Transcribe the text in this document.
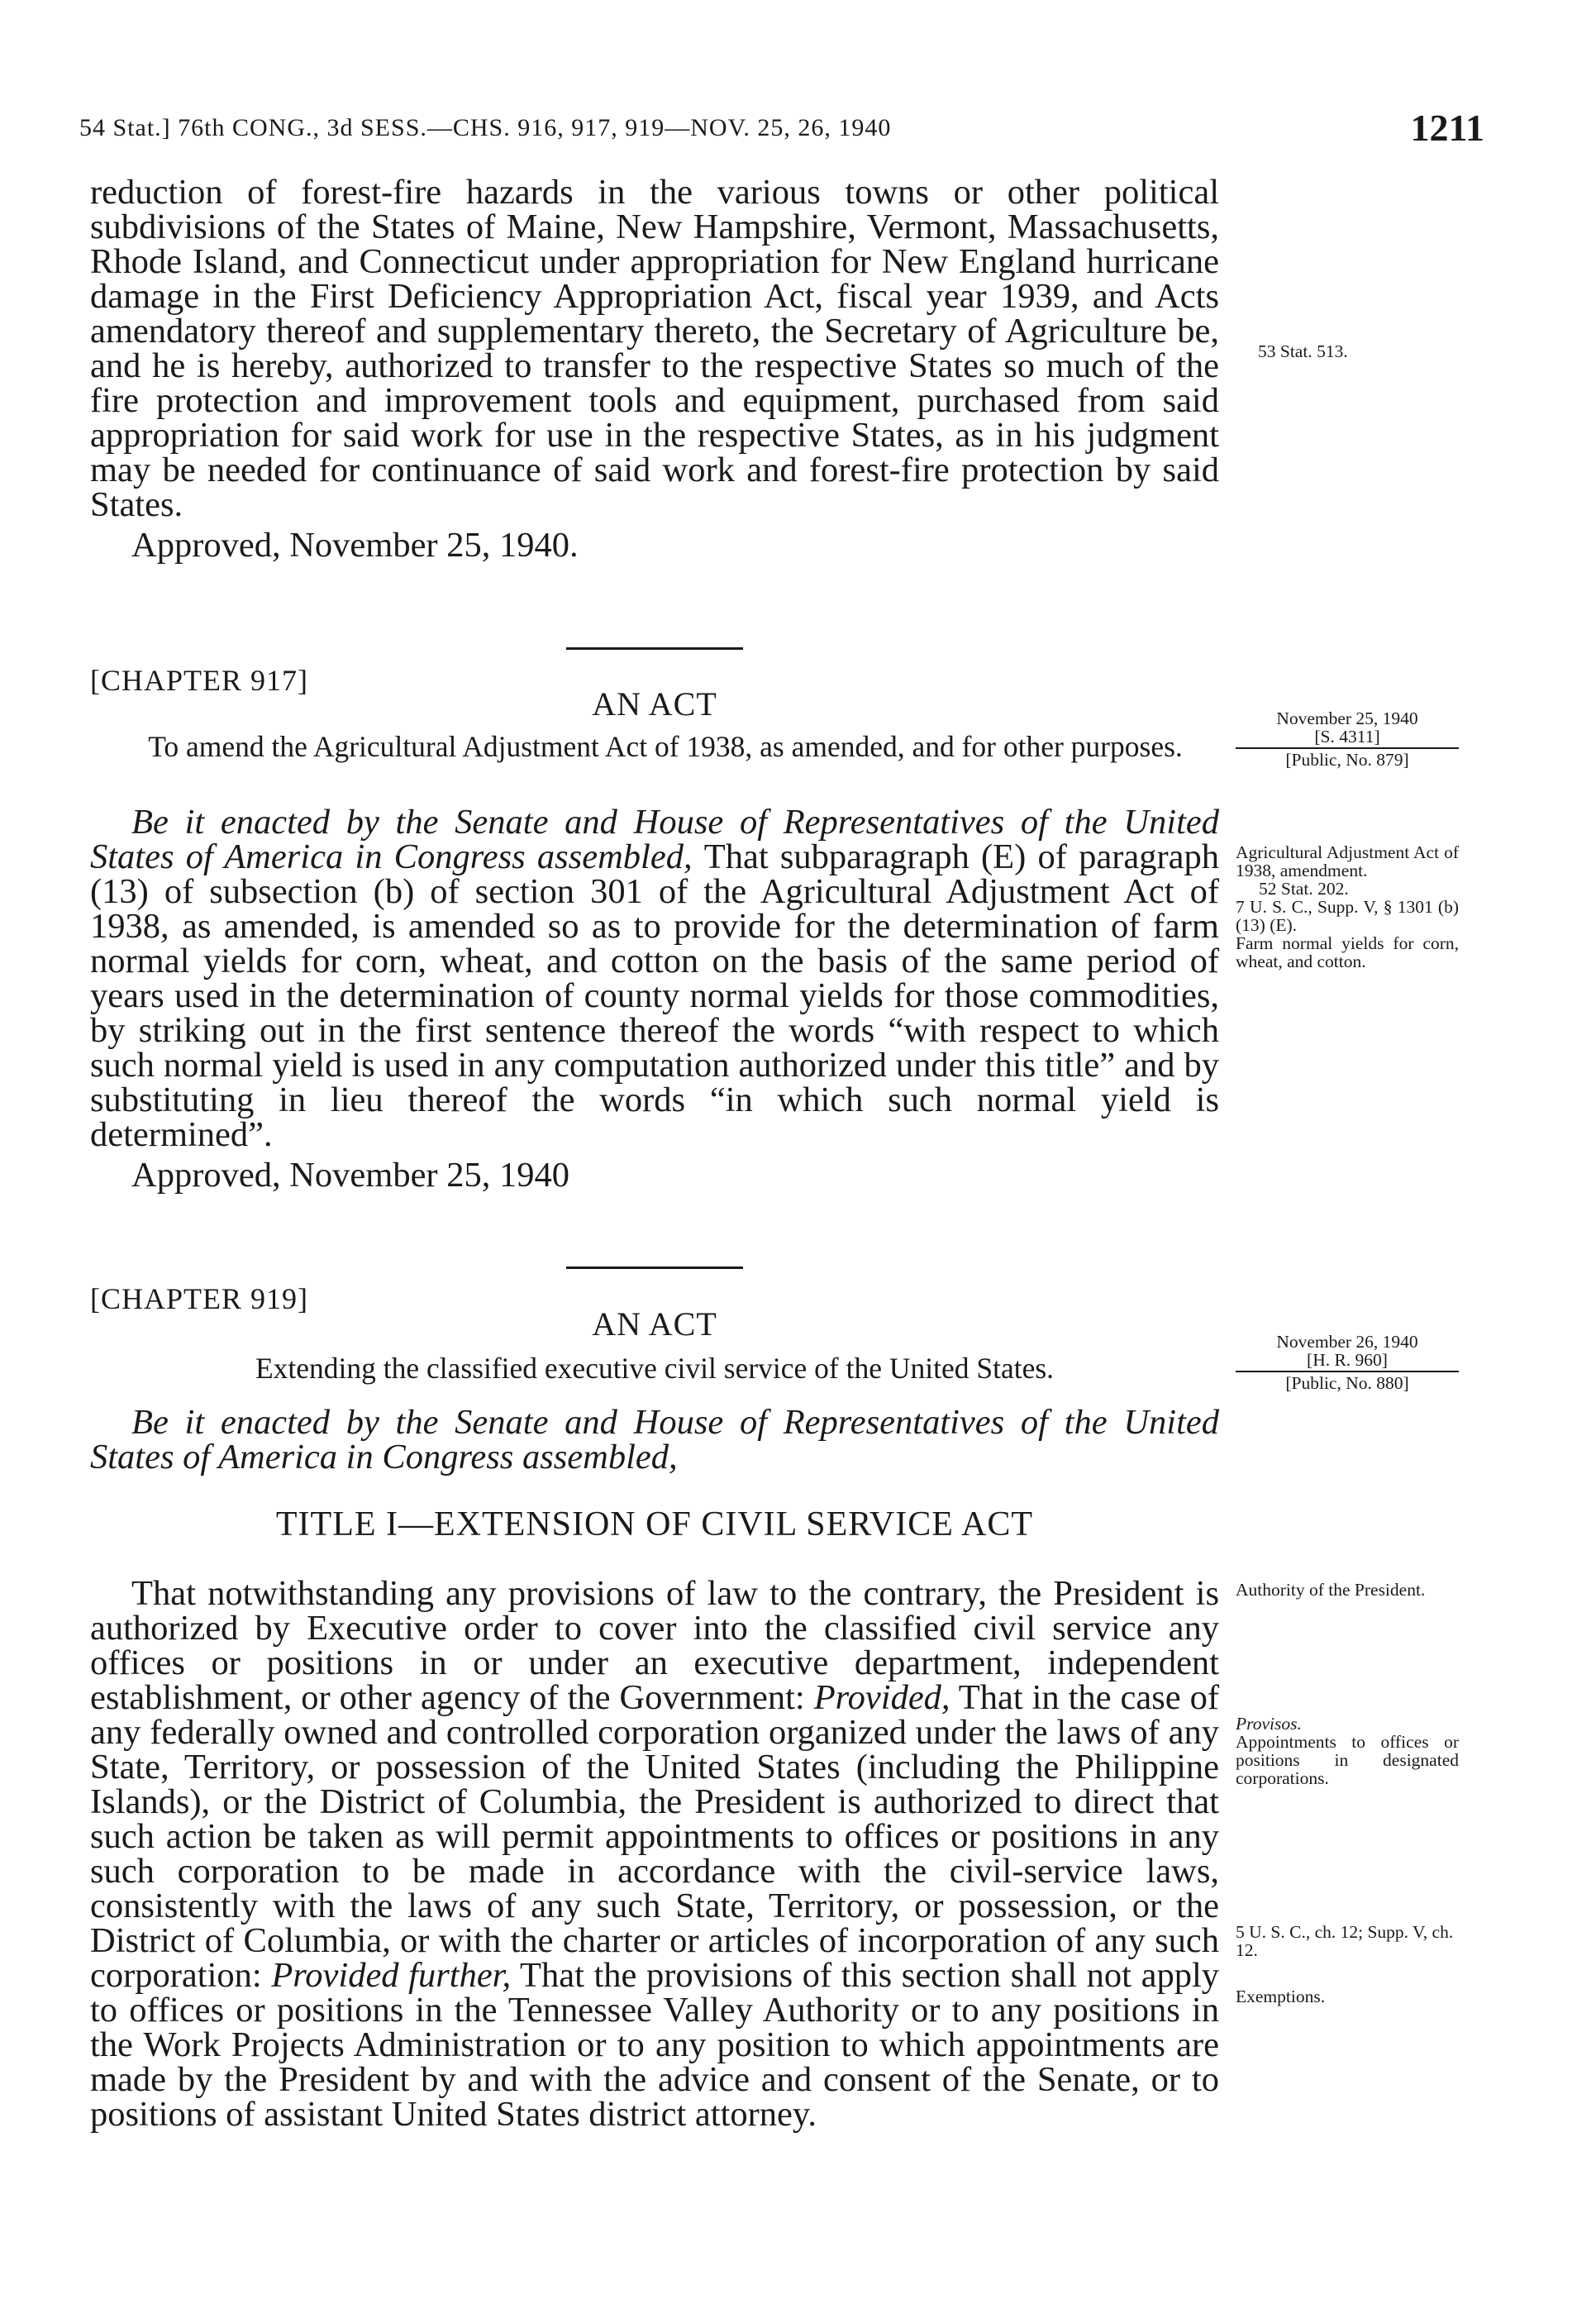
54 Stat.] 76th CONG., 3d SESS.—CHS. 916, 917, 919—NOV. 25, 26, 1940	1211

reduction of forest-fire hazards in the various towns or other political subdivisions of the States of Maine, New Hampshire, Vermont, Massachusetts, Rhode Island, and Connecticut under appropriation for New England hurricane damage in the First Deficiency Appropriation Act, fiscal year 1939, and Acts amendatory thereof and supplementary thereto, the Secretary of Agriculture be, and he is hereby, authorized to transfer to the respective States so much of the fire protection and improvement tools and equipment, purchased from said appropriation for said work for use in the respective States, as in his judgment may be needed for continuance of said work and forest-fire protection by said States.

Approved, November 25, 1940.

53 Stat. 513.
[CHAPTER 917]
AN ACT
To amend the Agricultural Adjustment Act of 1938, as amended, and for other purposes.
November 25, 1940
[S. 4311]
[Public, No. 879]

Be it enacted by the Senate and House of Representatives of the United States of America in Congress assembled, That subparagraph (E) of paragraph (13) of subsection (b) of section 301 of the Agricultural Adjustment Act of 1938, as amended, is amended so as to provide for the determination of farm normal yields for corn, wheat, and cotton on the basis of the same period of years used in the determination of county normal yields for those commodities, by striking out in the first sentence thereof the words “with respect to which such normal yield is used in any computation authorized under this title” and by substituting in lieu thereof the words “in which such normal yield is determined”.

Approved, November 25, 1940

Agricultural Adjustment Act of 1938, amendment.
52 Stat. 202.
7 U. S. C., Supp. V, § 1301 (b) (13) (E).
Farm normal yields for corn, wheat, and cotton.
[CHAPTER 919]
AN ACT
Extending the classified executive civil service of the United States.
November 26, 1940
[H. R. 960]
[Public, No. 880]

Be it enacted by the Senate and House of Representatives of the United States of America in Congress assembled,

TITLE I—EXTENSION OF CIVIL SERVICE ACT

That notwithstanding any provisions of law to the contrary, the President is authorized by Executive order to cover into the classified civil service any offices or positions in or under an executive department, independent establishment, or other agency of the Government: Provided, That in the case of any federally owned and controlled corporation organized under the laws of any State, Territory, or possession of the United States (including the Philippine Islands), or the District of Columbia, the President is authorized to direct that such action be taken as will permit appointments to offices or positions in any such corporation to be made in accordance with the civil-service laws, consistently with the laws of any such State, Territory, or possession, or the District of Columbia, or with the charter or articles of incorporation of any such corporation: Provided further, That the provisions of this section shall not apply to offices or positions in the Tennessee Valley Authority or to any positions in the Work Projects Administration or to any position to which appointments are made by the President by and with the advice and consent of the Senate, or to positions of assistant United States district attorney.

Authority of the President.
Provisos.
Appointments to offices or positions in designated corporations.
5 U. S. C., ch. 12; Supp. V, ch. 12.
Exemptions.
